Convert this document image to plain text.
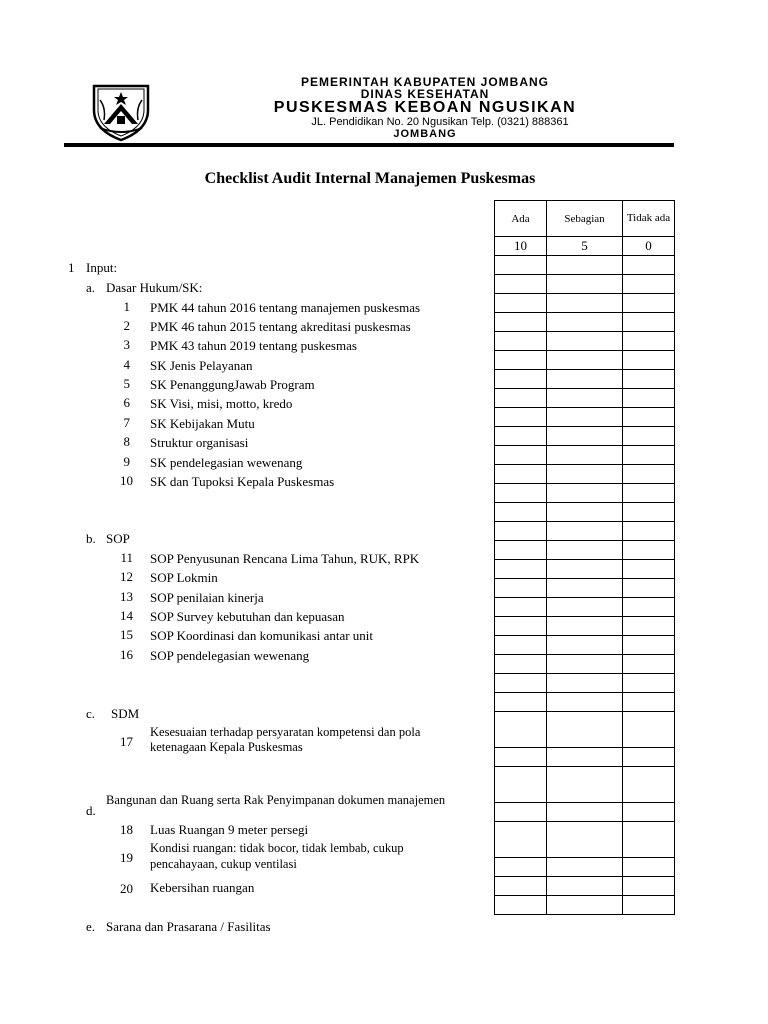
PEMERINTAH KABUPATEN JOMBANG
DINAS KESEHATAN
PUSKESMAS KEBOAN NGUSIKAN
JL. Pendidikan No. 20 Ngusikan Telp. (0321) 888361
JOMBANG
Checklist Audit Internal Manajemen Puskesmas
1 Input:
a. Dasar Hukum/SK:
1 PMK 44 tahun 2016 tentang manajemen puskesmas
2 PMK 46 tahun 2015 tentang akreditasi puskesmas
3 PMK 43 tahun 2019 tentang puskesmas
4 SK Jenis Pelayanan
5 SK PenanggungJawab Program
6 SK Visi, misi, motto, kredo
7 SK Kebijakan Mutu
8 Struktur organisasi
9 SK pendelegasian wewenang
10 SK dan Tupoksi Kepala Puskesmas
b. SOP
11 SOP Penyusunan Rencana Lima Tahun, RUK, RPK
12 SOP Lokmin
13 SOP penilaian kinerja
14 SOP Survey kebutuhan dan kepuasan
15 SOP Koordinasi dan komunikasi antar unit
16 SOP pendelegasian wewenang
c. SDM
17
Kesesuaian terhadap persyaratan kompetensi dan pola
ketenagaan Kepala Puskesmas
Bangunan dan Ruang serta Rak Penyimpanan dokumen manajemen
d.
18 Luas Ruangan 9 meter persegi
19
Kondisi ruangan: tidak bocor, tidak lembab, cukup
pencahayaan, cukup ventilasi
20 Kebersihan ruangan
e. Sarana dan Prasarana / Fasilitas
Ada	Sebagian	Tidak ada
10	5	0
